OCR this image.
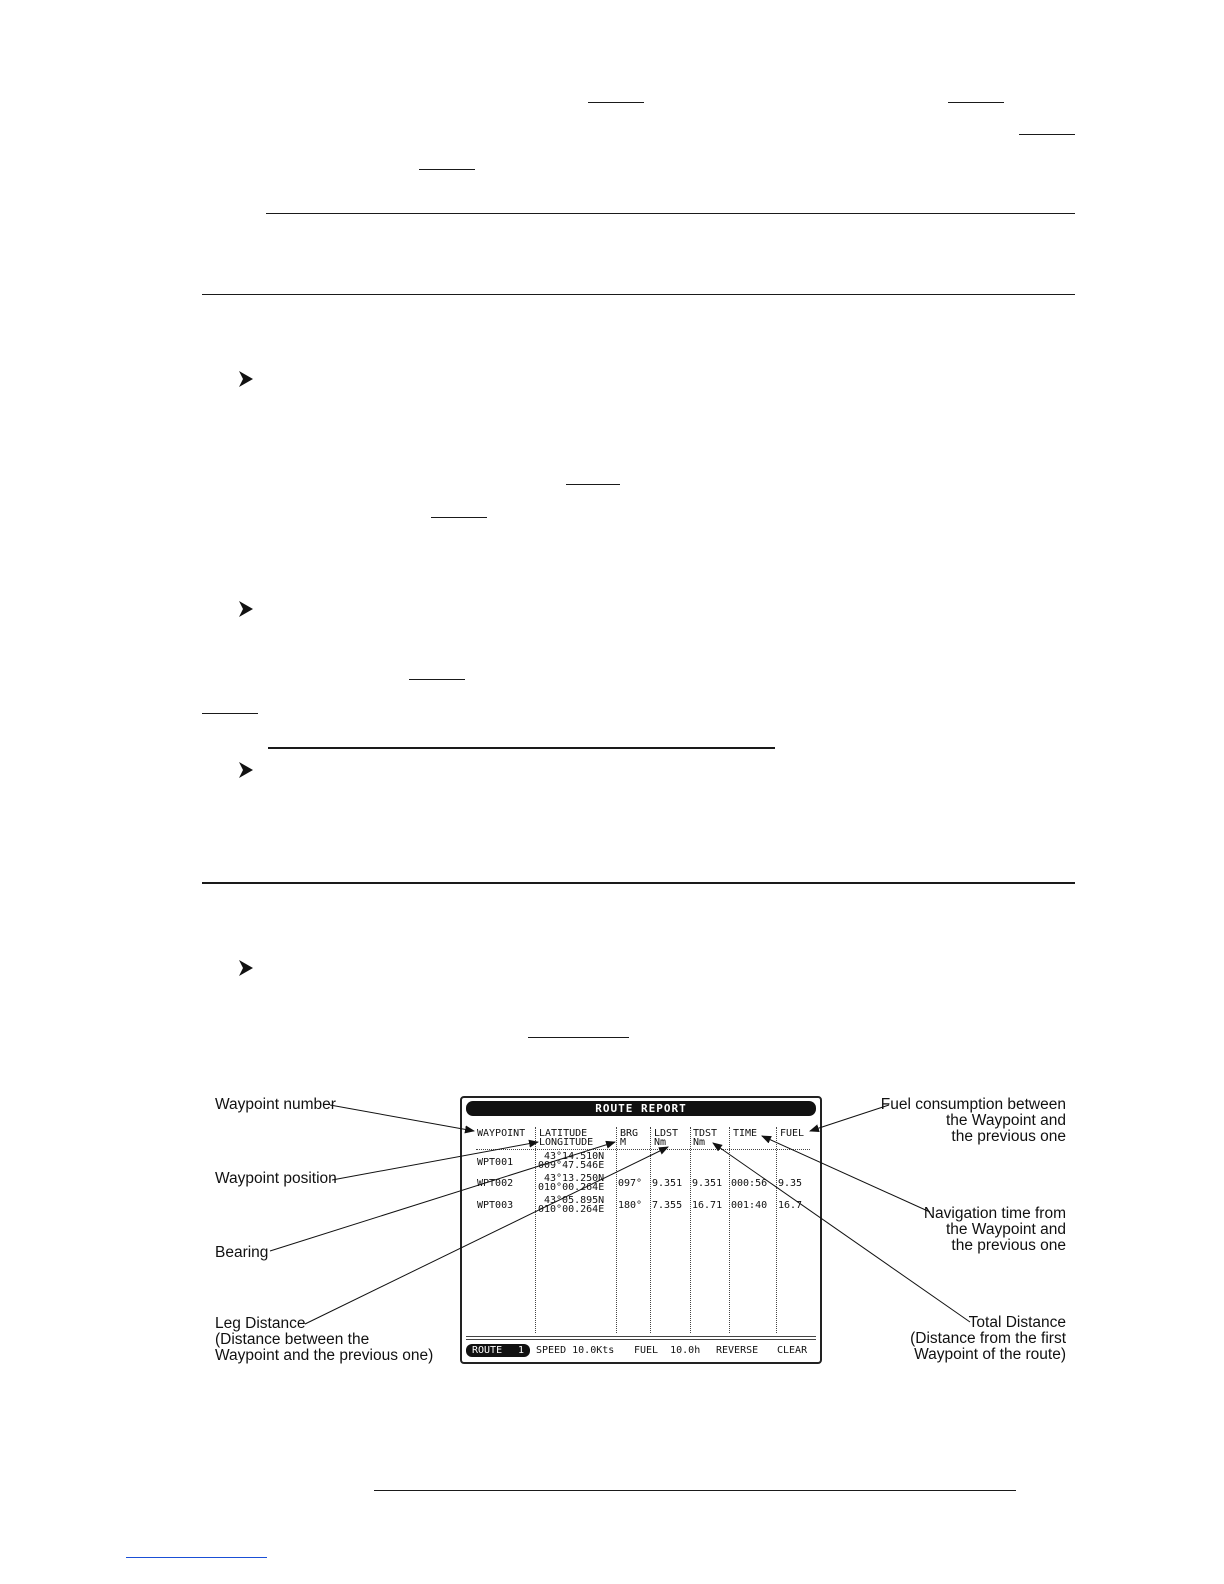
ROUTE REPORT
WAYPOINT LATITUDE
LONGITUDE
BRG
M
LDST
Nm
TDST
Nm
TIME FUEL
WPT001
43°14.510N
009°47.546E
WPT002	43°13.250N
010°00.264E 097° 9.351 9.351 000:56 9.35
WPT003	43°05.895N
010°00.264E 180° 7.355 16.71 001:40 16.7
ROUTE 1 SPEED 10.0Kts FUEL 10.0h REVERSE CLEAR
Waypoint number
Waypoint position
Bearing
Leg Distance
(Distance between the
Waypoint and the previous one)
Fuel consumption between
the Waypoint and
the previous one
Navigation time from
the Waypoint and
the previous one
Total Distance
(Distance from the first
Waypoint of the route)
